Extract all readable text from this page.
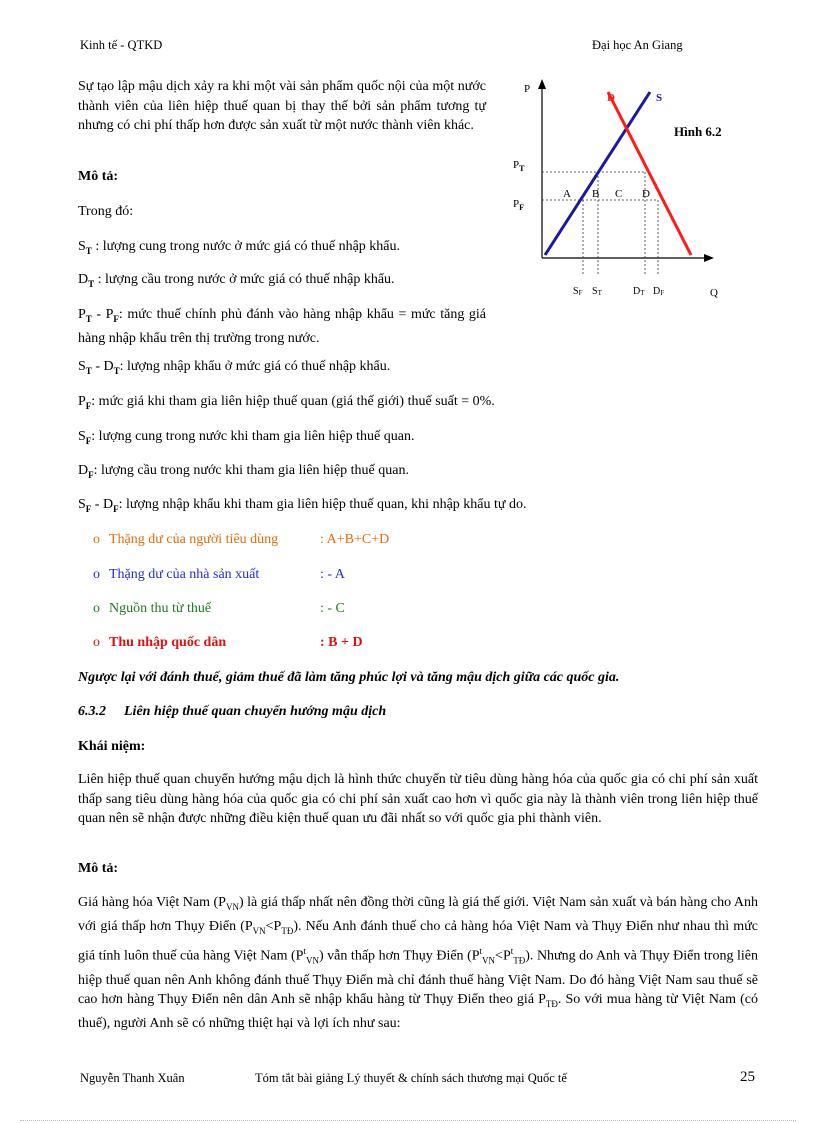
Kinh tế - QTKD	Đại học An Giang
Sự tạo lập mậu dịch xảy ra khi một vài sản phẩm quốc nội của một nước thành viên của liên hiệp thuế quan bị thay thế bởi sản phẩm tương tự nhưng có chi phí thấp hơn được sản xuất từ một nước thành viên khác.
Mô tả:
Trong đó:
$S_T$ : lượng cung trong nước ở mức giá có thuế nhập khẩu.
$D_T$ : lượng cầu trong nước ở mức giá có thuế nhập khẩu.
$P_T - P_F$: mức thuế chính phủ đánh vào hàng nhập khẩu = mức tăng giá hàng nhập khẩu trên thị trường trong nước.
$S_T - D_T$: lượng nhập khẩu ở mức giá có thuế nhập khẩu.
$P_F$: mức giá khi tham gia liên hiệp thuế quan (giá thế giới) thuế suất = 0%.
$S_F$: lượng cung trong nước khi tham gia liên hiệp thuế quan.
$D_F$: lượng cầu trong nước khi tham gia liên hiệp thuế quan.
$S_F - D_F$: lượng nhập khẩu khi tham gia liên hiệp thuế quan, khi nhập khẩu tự do.
o Thặng dư của người tiêu dùng	: A+B+C+D
o Thặng dư của nhà sản xuất	: - A
o Nguồn thu từ thuế	: - C
o Thu nhập quốc dân	: B + D
Ngược lại với đánh thuế, giảm thuế đã làm tăng phúc lợi và tăng mậu dịch giữa các quốc gia.
6.3.2 Liên hiệp thuế quan chuyển hướng mậu dịch
Khái niệm:
Liên hiệp thuế quan chuyển hướng mậu dịch là hình thức chuyển từ tiêu dùng hàng hóa của quốc gia có chi phí sản xuất thấp sang tiêu dùng hàng hóa của quốc gia có chi phí sản xuất cao hơn vì quốc gia này là thành viên trong liên hiệp thuế quan nên sẽ nhận được những điều kiện thuế quan ưu đãi nhất so với quốc gia phi thành viên.
Mô tả:
Giá hàng hóa Việt Nam $(P_{VN})$ là giá thấp nhất nên đồng thời cũng là giá thế giới. Việt Nam sản xuất và bán hàng cho Anh với giá thấp hơn Thụy Điển $(P_{VN}<P_{TĐ})$. Nếu Anh đánh thuế cho cả hàng hóa Việt Nam và Thụy Điển như nhau thì mức giá tính luôn thuế của hàng Việt Nam $(P^t_{VN})$ vẫn thấp hơn Thụy Điển $(P^t_{VN}<P^t_{TĐ})$. Nhưng do Anh và Thụy Điển trong liên hiệp thuế quan nên Anh không đánh thuế Thụy Điển mà chỉ đánh thuế hàng Việt Nam. Do đó hàng Việt Nam sau thuế sẽ cao hơn hàng Thụy Điển nên dân Anh sẽ nhập khẩu hàng từ Thụy Điển theo giá $P_{TĐ}$. So với mua hàng từ Việt Nam (có thuế), người Anh sẽ có những thiệt hại và lợi ích như sau:
P
Q
S
D
$P_T$
$P_F$
A B C D
SF ST	DT DF
Hình 6.2
Nguyễn Thanh Xuân	Tóm tắt bài giảng Lý thuyết & chính sách thương mại Quốc tế	25
